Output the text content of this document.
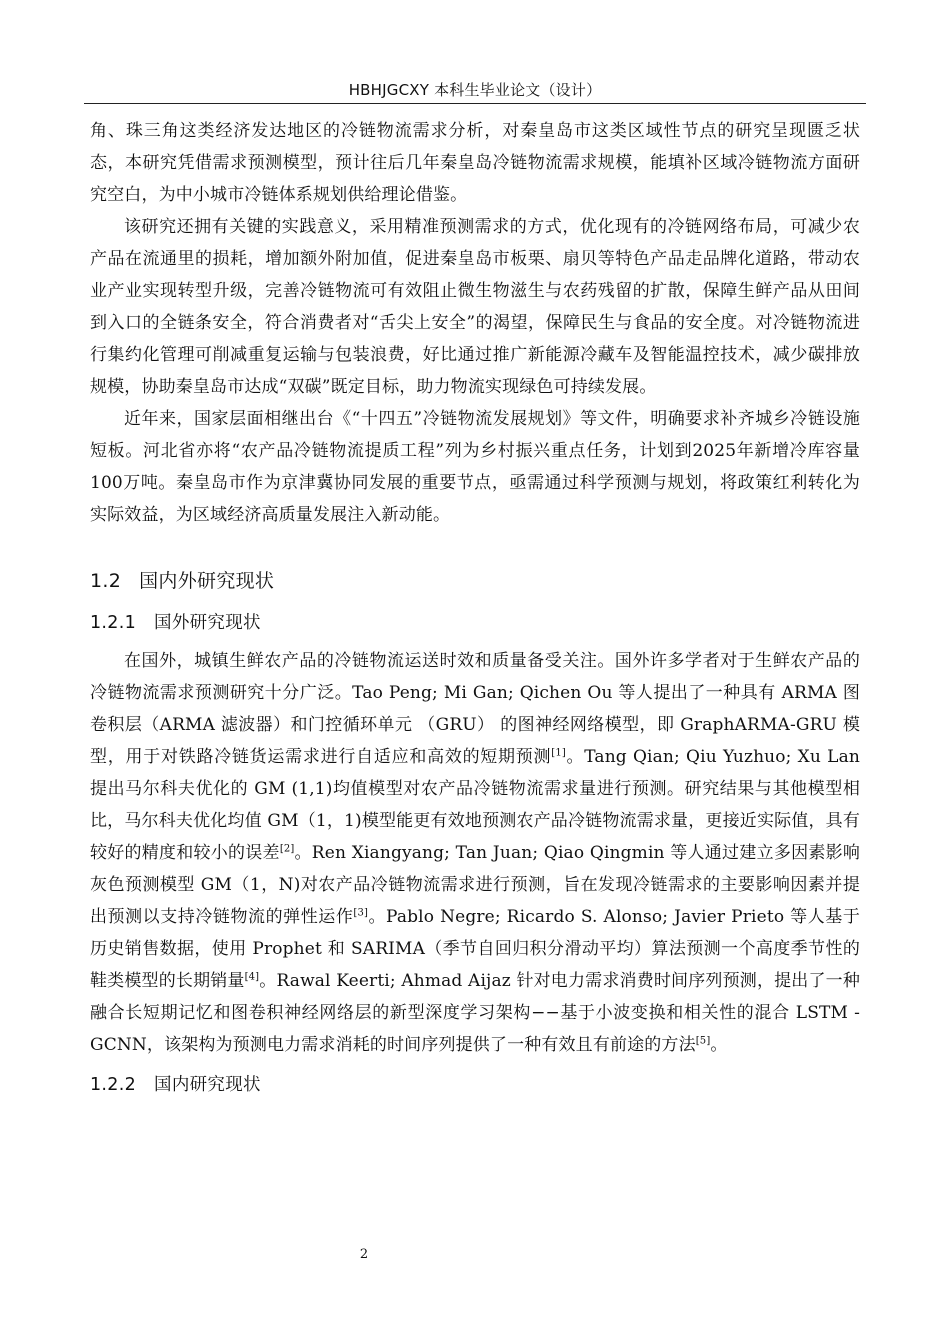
HBHJGCXY 本科生毕业论文（设计）

角、珠三角这类经济发达地区的冷链物流需求分析，对秦皇岛市这类区域性节点的研究呈现匮乏状态，本研究凭借需求预测模型，预计往后几年秦皇岛冷链物流需求规模，能填补区域冷链物流方面研究空白，为中小城市冷链体系规划供给理论借鉴。

该研究还拥有关键的实践意义，采用精准预测需求的方式，优化现有的冷链网络布局，可减少农产品在流通里的损耗，增加额外附加值，促进秦皇岛市板栗、扇贝等特色产品走品牌化道路，带动农业产业实现转型升级，完善冷链物流可有效阻止微生物滋生与农药残留的扩散，保障生鲜产品从田间到入口的全链条安全，符合消费者对“舌尖上安全”的渴望，保障民生与食品的安全度。对冷链物流进行集约化管理可削减重复运输与包装浪费，好比通过推广新能源冷藏车及智能温控技术，减少碳排放规模，协助秦皇岛市达成“双碳”既定目标，助力物流实现绿色可持续发展。

近年来，国家层面相继出台《“十四五”冷链物流发展规划》等文件，明确要求补齐城乡冷链设施短板。河北省亦将“农产品冷链物流提质工程”列为乡村振兴重点任务，计划到2025年新增冷库容量100万吨。秦皇岛市作为京津冀协同发展的重要节点，亟需通过科学预测与规划，将政策红利转化为实际效益，为区域经济高质量发展注入新动能。

1.2 国内外研究现状
1.2.1 国外研究现状

在国外，城镇生鲜农产品的冷链物流运送时效和质量备受关注。国外许多学者对于生鲜农产品的冷链物流需求预测研究十分广泛。Tao Peng; Mi Gan; Qichen Ou 等人提出了一种具有 ARMA 图卷积层（ARMA 滤波器）和门控循环单元 （GRU） 的图神经网络模型，即 GraphARMA-GRU 模型，用于对铁路冷链货运需求进行自适应和高效的短期预测[1]。Tang Qian; Qiu Yuzhuo; Xu Lan 提出马尔科夫优化的 GM (1,1)均值模型对农产品冷链物流需求量进行预测。研究结果与其他模型相比，马尔科夫优化均值 GM（1，1)模型能更有效地预测农产品冷链物流需求量，更接近实际值，具有较好的精度和较小的误差[2]。Ren Xiangyang; Tan Juan; Qiao Qingmin 等人通过建立多因素影响灰色预测模型 GM（1，N)对农产品冷链物流需求进行预测，旨在发现冷链需求的主要影响因素并提出预测以支持冷链物流的弹性运作[3]。Pablo Negre; Ricardo S. Alonso; Javier Prieto 等人基于历史销售数据，使用 Prophet 和 SARIMA（季节自回归积分滑动平均）算法预测一个高度季节性的鞋类模型的长期销量[4]。Rawal Keerti; Ahmad Aijaz 针对电力需求消费时间序列预测，提出了一种融合长短期记忆和图卷积神经网络层的新型深度学习架构−−基于小波变换和相关性的混合 LSTM - GCNN，该架构为预测电力需求消耗的时间序列提供了一种有效且有前途的方法[5]。

1.2.2 国内研究现状
2
